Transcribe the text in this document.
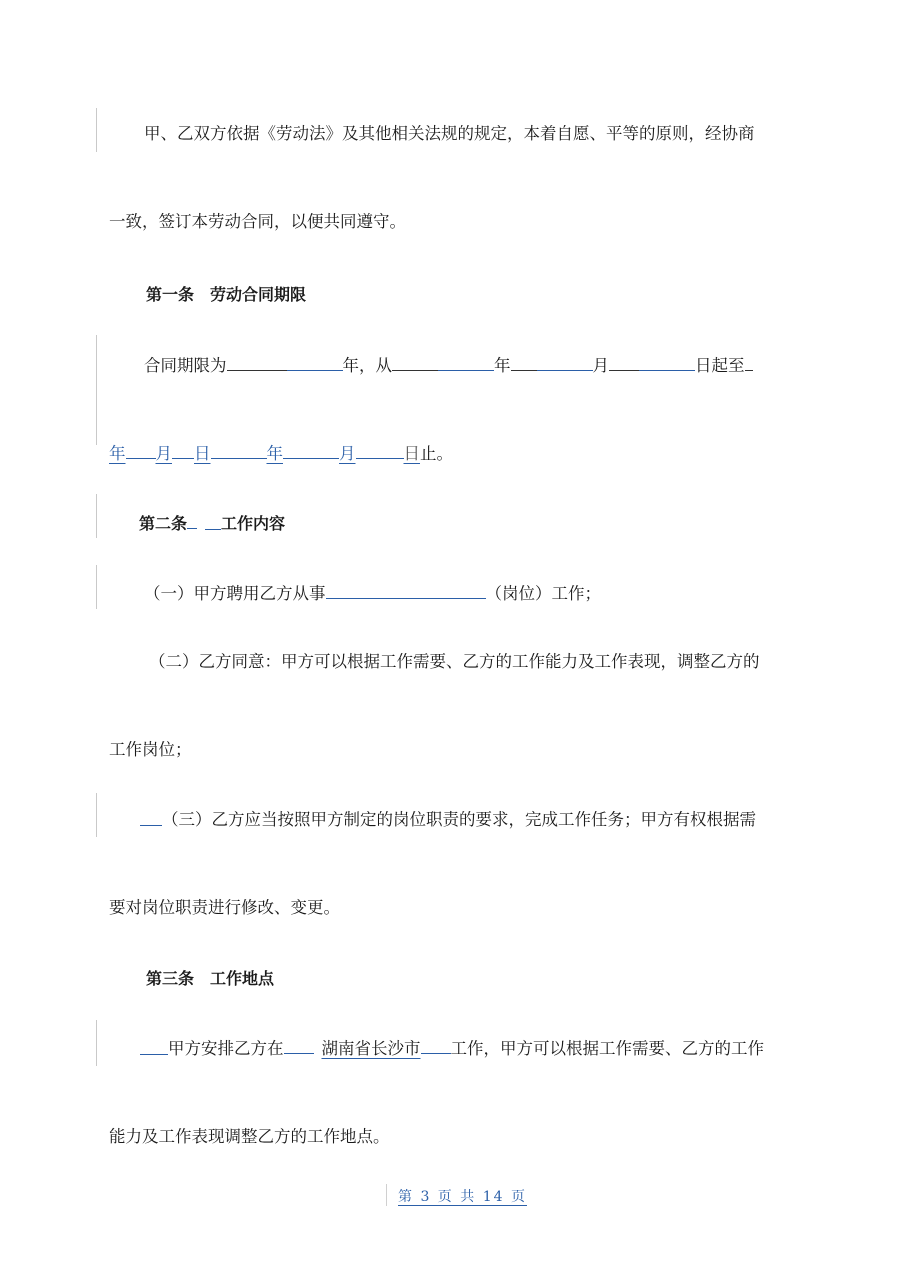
甲、乙双方依据《劳动法》及其他相关法规的规定，本着自愿、平等的原则，经协商
一致，签订本劳动合同，以便共同遵守。
第一条　劳动合同期限
合同期限为	年，从	年	月	日起至
年 月 日	年	月	日止。
第二条 工作内容
（一）甲方聘用乙方从事	（岗位）工作；
（二）乙方同意：甲方可以根据工作需要、乙方的工作能力及工作表现，调整乙方的
工作岗位；
（三）乙方应当按照甲方制定的岗位职责的要求，完成工作任务；甲方有权根据需
要对岗位职责进行修改、变更。
第三条　工作地点
甲方安排乙方在 湖南省长沙市 工作，甲方可以根据工作需要、乙方的工作
能力及工作表现调整乙方的工作地点。
第 3 页 共 14 页
